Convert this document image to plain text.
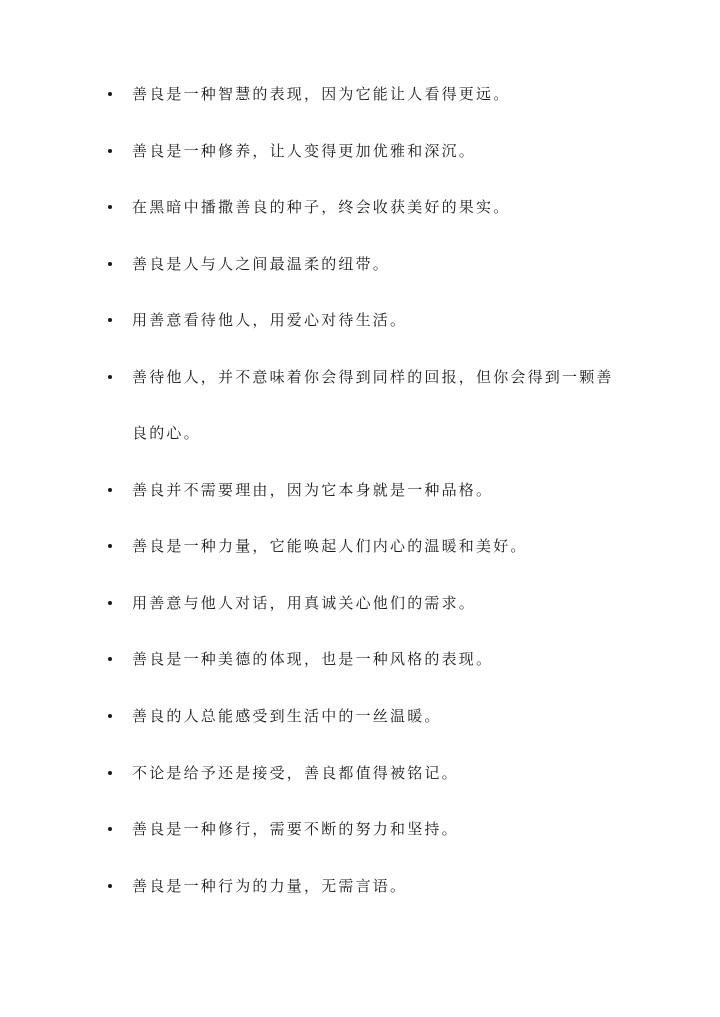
善良是一种智慧的表现，因为它能让人看得更远。
善良是一种修养，让人变得更加优雅和深沉。
在黑暗中播撒善良的种子，终会收获美好的果实。
善良是人与人之间最温柔的纽带。
用善意看待他人，用爱心对待生活。
善待他人，并不意味着你会得到同样的回报，但你会得到一颗善良的心。
善良并不需要理由，因为它本身就是一种品格。
善良是一种力量，它能唤起人们内心的温暖和美好。
用善意与他人对话，用真诚关心他们的需求。
善良是一种美德的体现，也是一种风格的表现。
善良的人总能感受到生活中的一丝温暖。
不论是给予还是接受，善良都值得被铭记。
善良是一种修行，需要不断的努力和坚持。
善良是一种行为的力量，无需言语。
